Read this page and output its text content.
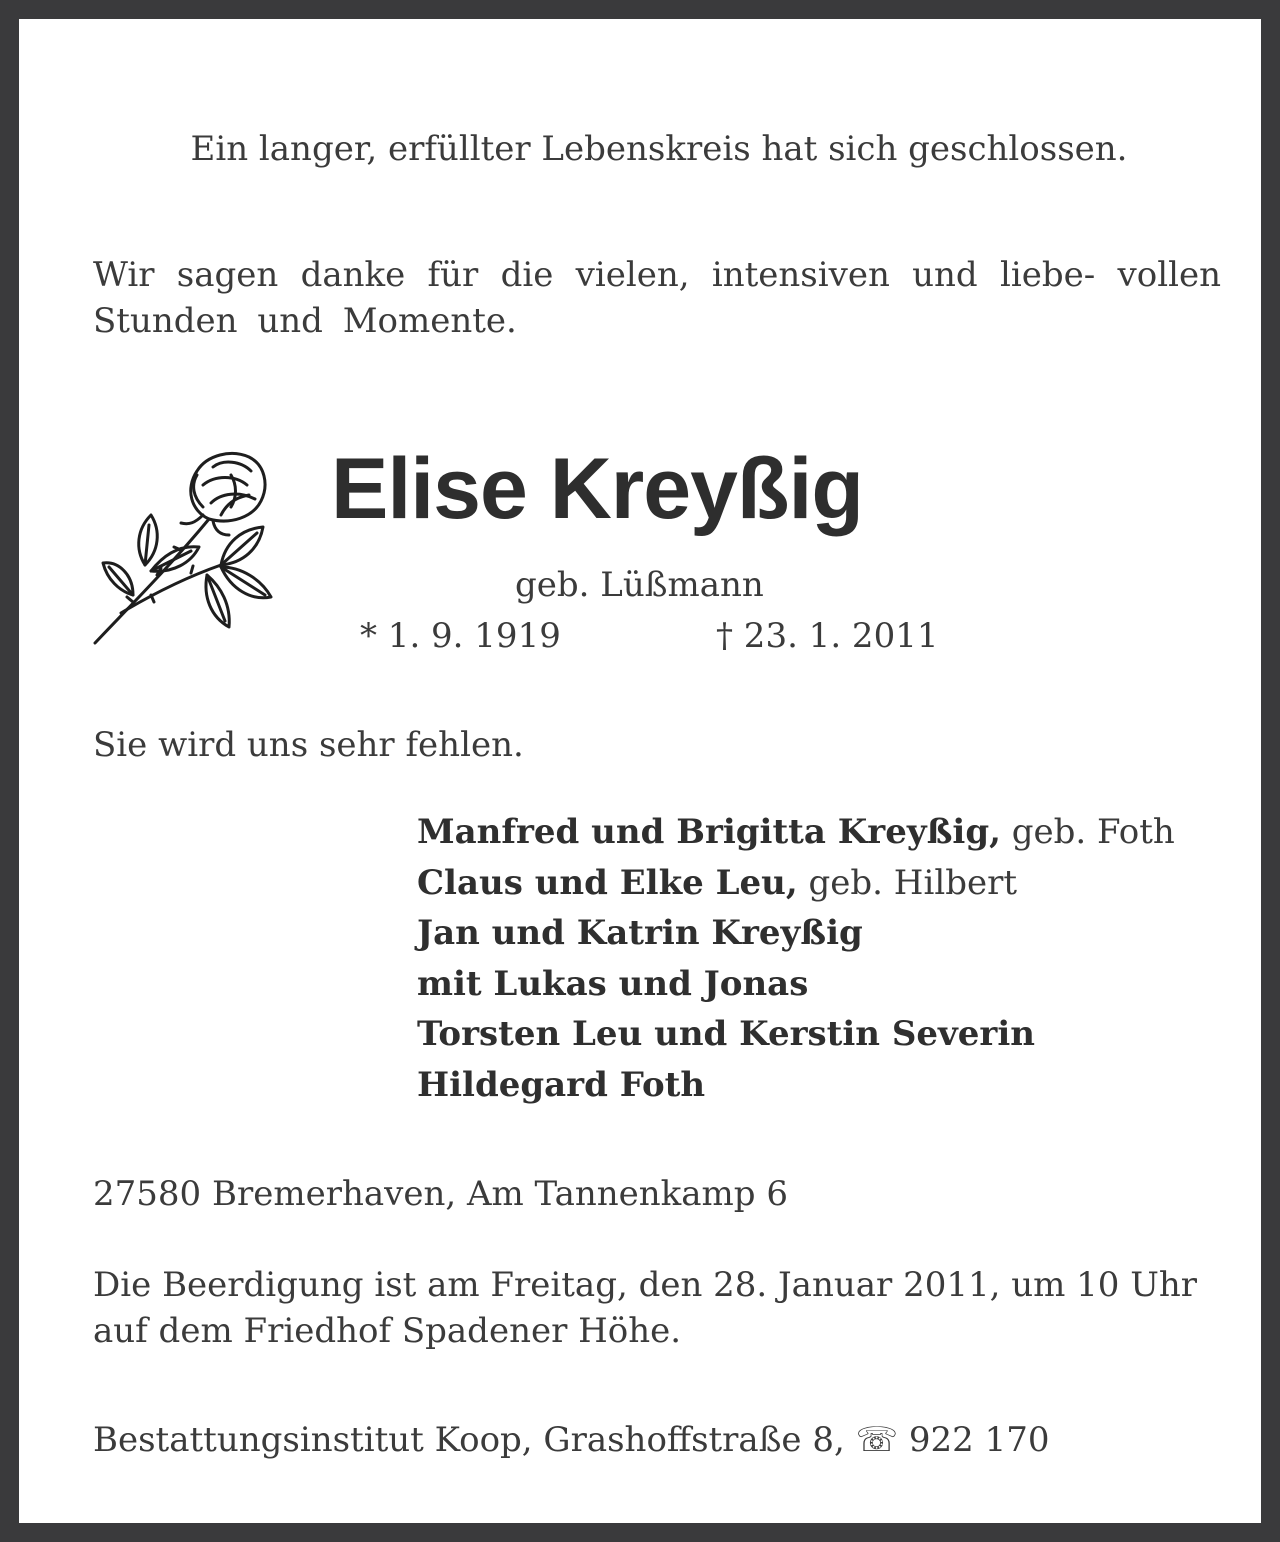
Ein langer, erfüllter Lebenskreis hat sich geschlossen.

Wir sagen danke für die vielen, intensiven und liebe- vollen Stunden und Momente.

Elise Kreyßig

geb. Lüßmann

* 1. 9. 1919	† 23. 1. 2011

Sie wird uns sehr fehlen.

Manfred und Brigitta Kreyßig, geb. Foth
Claus und Elke Leu, geb. Hilbert
Jan und Katrin Kreyßig
mit Lukas und Jonas
Torsten Leu und Kerstin Severin
Hildegard Foth

27580 Bremerhaven, Am Tannenkamp 6

Die Beerdigung ist am Freitag, den 28. Januar 2011, um 10 Uhr auf dem Friedhof Spadener Höhe.

Bestattungsinstitut Koop, Grashoffstraße 8, ☏ 922 170
